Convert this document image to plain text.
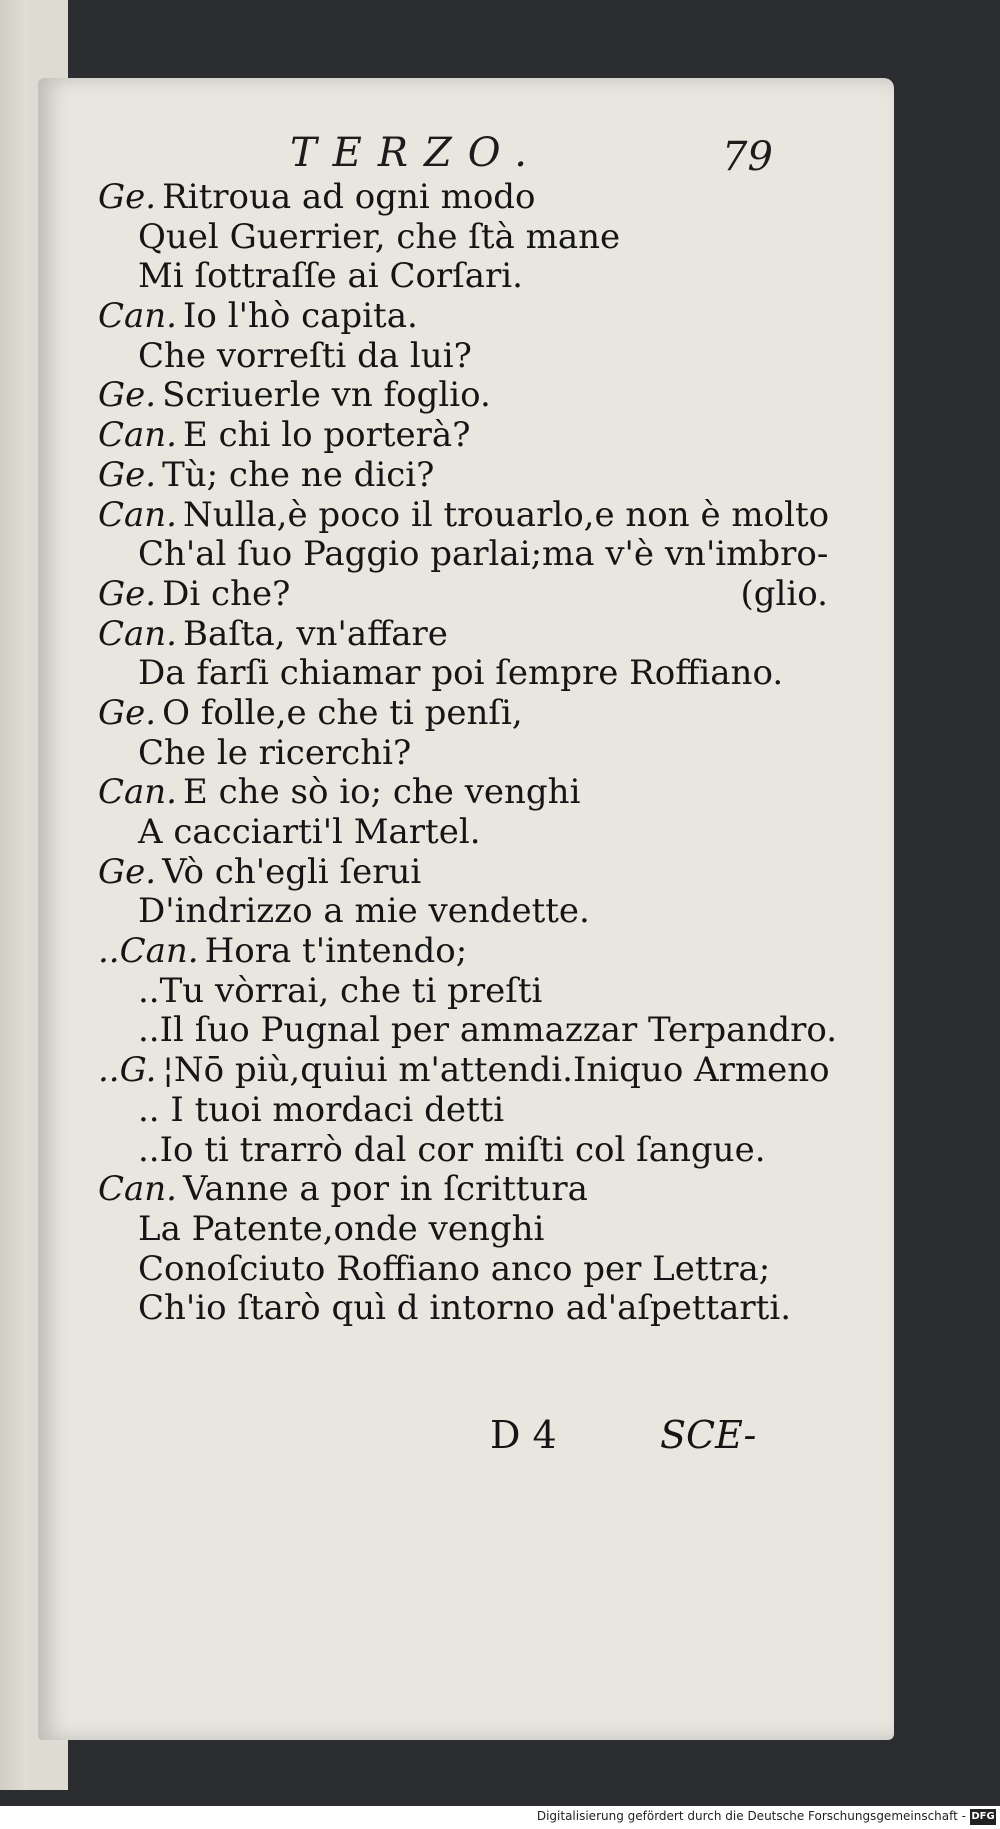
TERZO.	79
Ge. Ritroua ad ogni modo
Quel Guerrier, che ſtà mane
Mi ſottraſſe ai Corſari.
Can. Io l'hò capita.
Che vorreſti da lui?
Ge. Scriuerle vn foglio.
Can. E chi lo porterà?
Ge. Tù; che ne dici?
Can. Nulla,è poco il trouarlo,e non è molto
Ch'al ſuo Paggio parlai;ma v'è vn'imbro-
Ge. Di che?	(glio.
Can. Baſta, vn'affare
Da farſi chiamar poi ſempre Roffiano.
Ge. O folle,e che ti penſi,
Che le ricerchi?
Can. E che sò io; che venghi
A cacciarti'l Martel.
Ge. Vò ch'egli ſerui
D'indrizzo a mie vendette.
..Can. Hora t'intendo;
..Tu vòrrai, che ti preſti
..Il ſuo Pugnal per ammazzar Terpandro.
..G. ¦Nō più,quiui m'attendi.Iniquo Armeno
.. I tuoi mordaci detti
..Io ti trarrò dal cor miſti col ſangue.
Can. Vanne a por in ſcrittura
La Patente,onde venghi
Conoſciuto Roffiano anco per Lettra;
Ch'io ſtarò quì d intorno ad'aſpettarti.
D 4	SCE-
Digitalisierung gefördert durch die Deutsche Forschungsgemeinschaft - DFG
